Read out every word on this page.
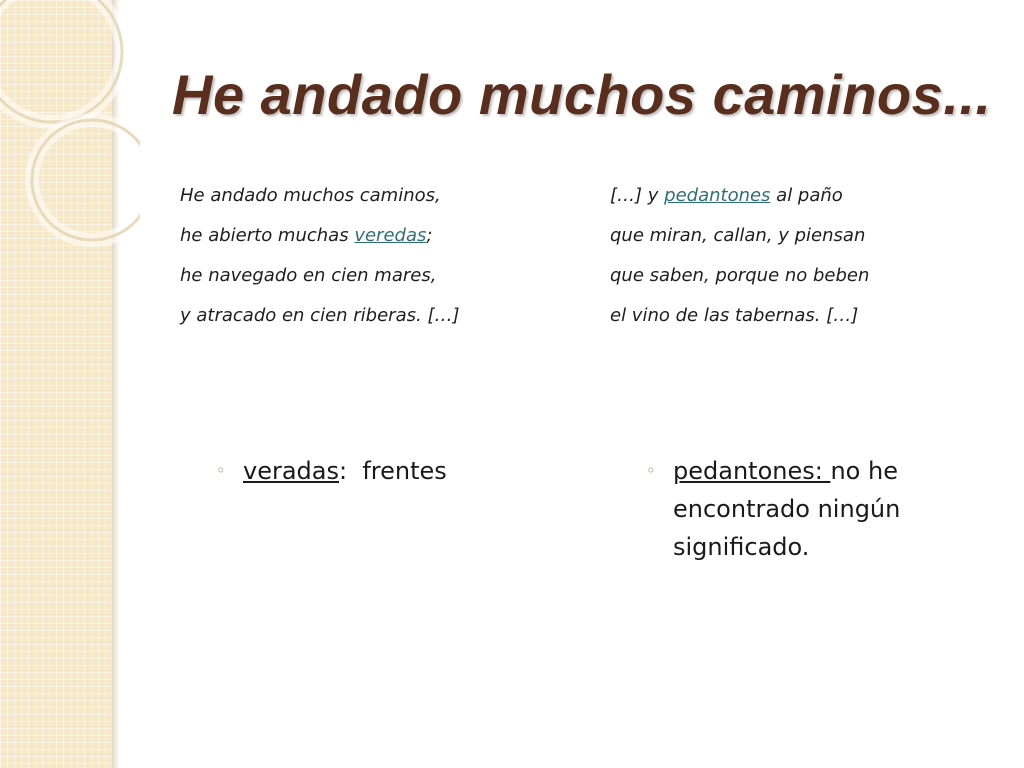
He andado muchos caminos...
He andado muchos caminos,
he abierto muchas veredas;
he navegado en cien mares,
y atracado en cien riberas. […]
[…] y pedantones al paño
que miran, callan, y piensan
que saben, porque no beben
el vino de las tabernas. […]
◦ veradas:  frentes	◦ pedantones: no he encontrado ningún significado.
